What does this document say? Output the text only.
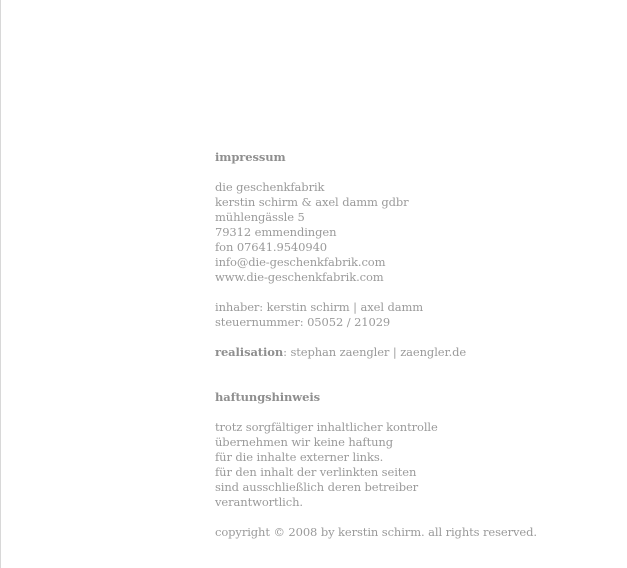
impressum
die geschenkfabrik
kerstin schirm & axel damm gdbr
mühlengässle 5
79312 emmendingen
fon 07641.9540940
info@die-geschenkfabrik.com
www.die-geschenkfabrik.com
inhaber: kerstin schirm | axel damm
steuernummer: 05052 / 21029
realisation: stephan zaengler | zaengler.de
haftungshinweis
trotz sorgfältiger inhaltlicher kontrolle
übernehmen wir keine haftung
für die inhalte externer links.
für den inhalt der verlinkten seiten
sind ausschließlich deren betreiber
verantwortlich.
copyright © 2008 by kerstin schirm. all rights reserved.
